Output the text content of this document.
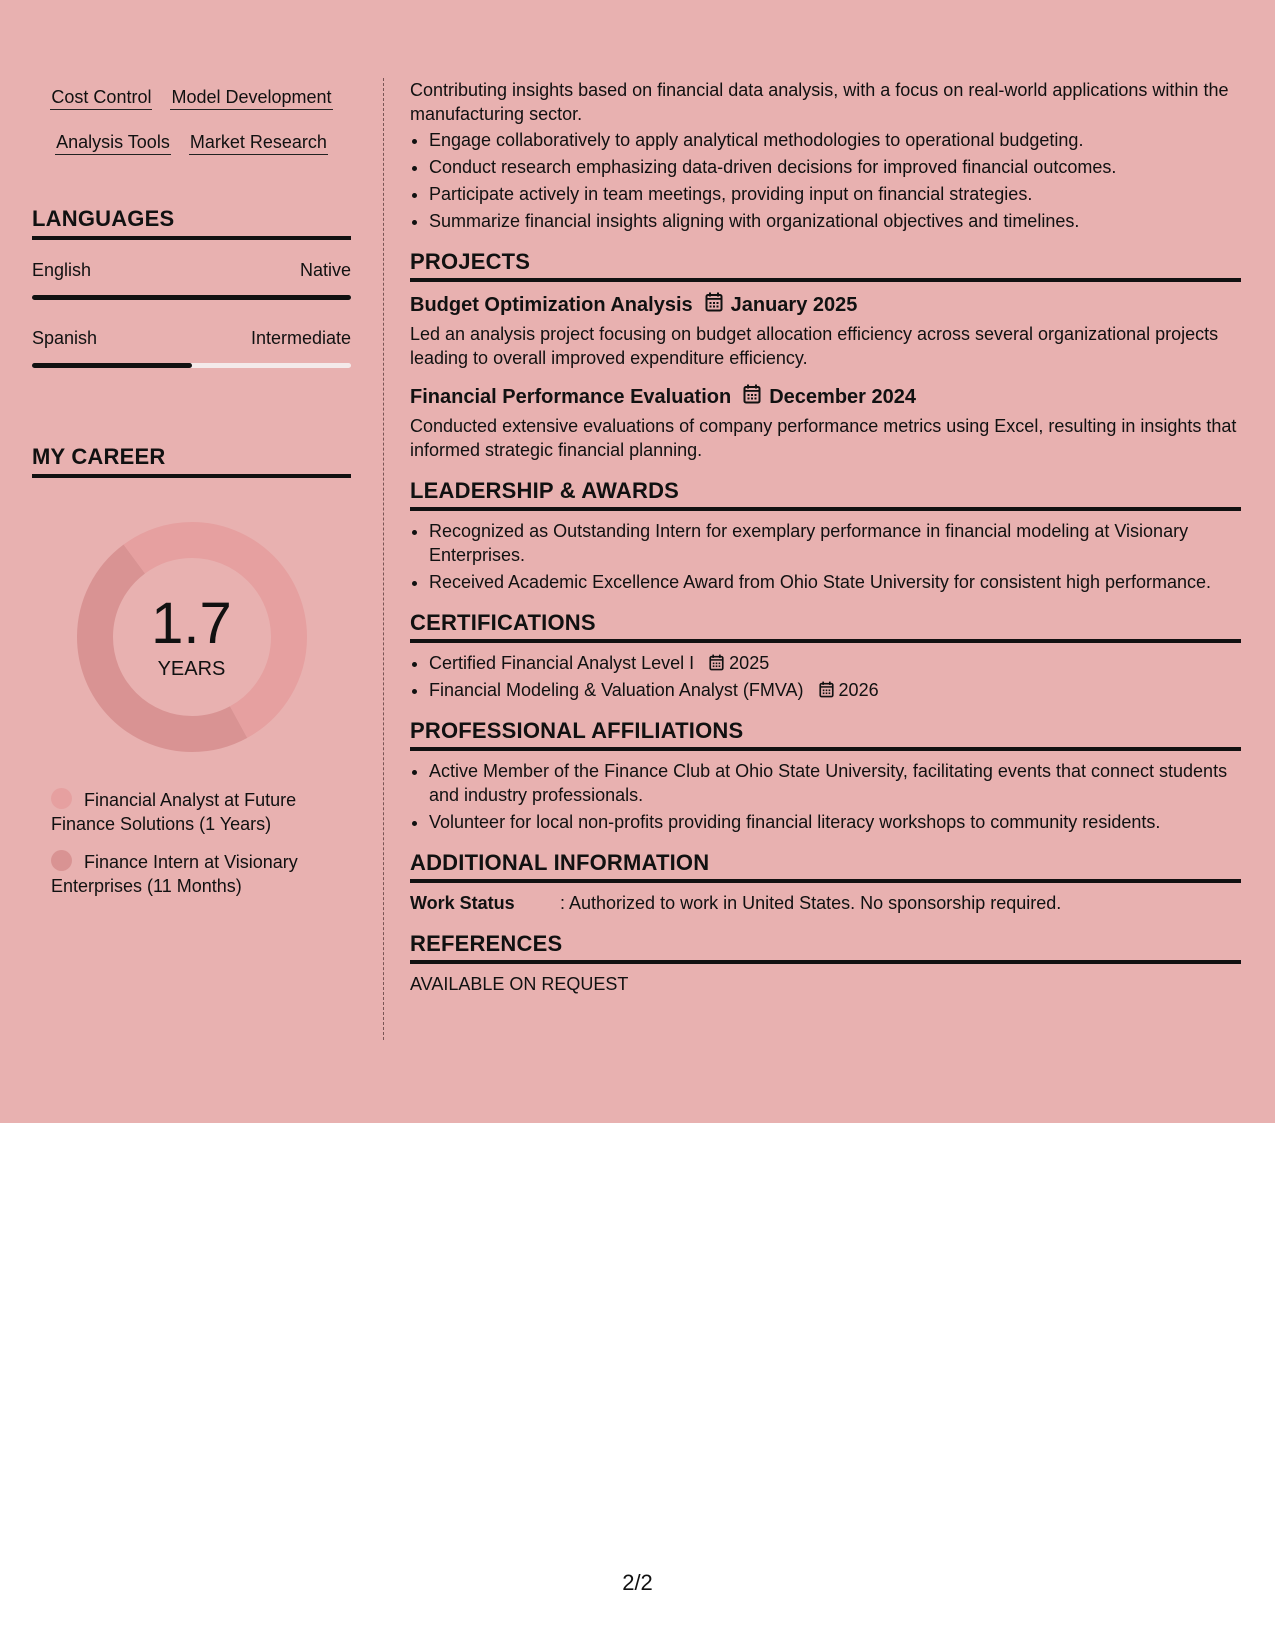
Cost Control Model Development
Analysis Tools Market Research
LANGUAGES
English	Native
Spanish	Intermediate
MY CAREER
1.7
YEARS
Financial Analyst at Future Finance Solutions (1 Years)
Finance Intern at Visionary Enterprises (11 Months)

Contributing insights based on financial data analysis, with a focus on real-world applications within the manufacturing sector.

• Engage collaboratively to apply analytical methodologies to operational budgeting.
• Conduct research emphasizing data-driven decisions for improved financial outcomes.
• Participate actively in team meetings, providing input on financial strategies.
• Summarize financial insights aligning with organizational objectives and timelines.
PROJECTS
Budget Optimization Analysis January 2025

Led an analysis project focusing on budget allocation efficiency across several organizational projects leading to overall improved expenditure efficiency.

Financial Performance Evaluation December 2024

Conducted extensive evaluations of company performance metrics using Excel, resulting in insights that informed strategic financial planning.

LEADERSHIP & AWARDS
• Recognized as Outstanding Intern for exemplary performance in financial modeling at Visionary Enterprises.
• Received Academic Excellence Award from Ohio State University for consistent high performance.
CERTIFICATIONS
• Certified Financial Analyst Level I 2025
• Financial Modeling & Valuation Analyst (FMVA) 2026
PROFESSIONAL AFFILIATIONS
• Active Member of the Finance Club at Ohio State University, facilitating events that connect students and industry professionals.
• Volunteer for local non-profits providing financial literacy workshops to community residents.
ADDITIONAL INFORMATION
Work Status	: Authorized to work in United States. No sponsorship required.
REFERENCES

AVAILABLE ON REQUEST

2/2
